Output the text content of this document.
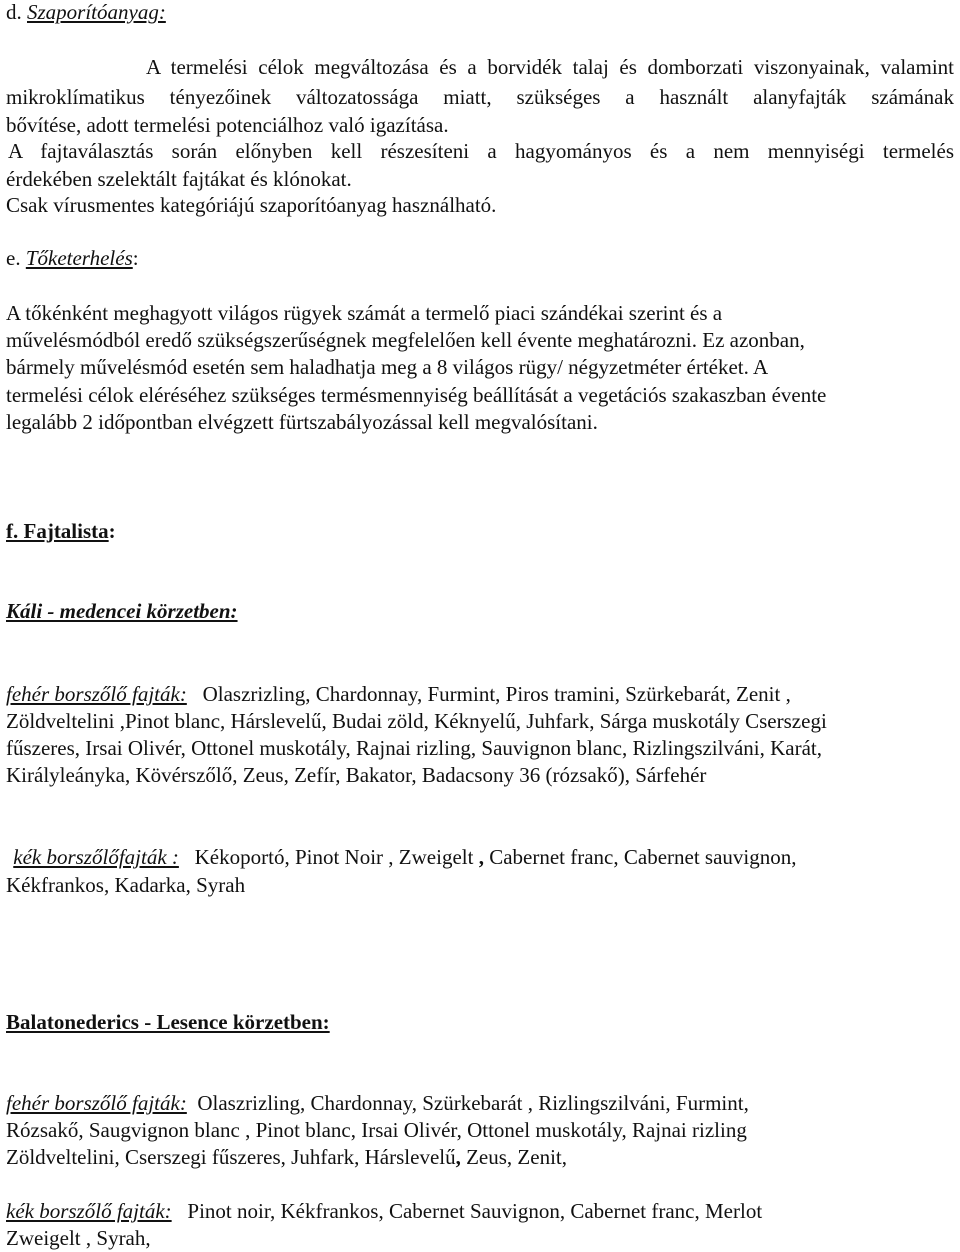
d. Szaporítóanyag:
A termelési célok megváltozása és a borvidék talaj és domborzati viszonyainak, valamint
mikroklímatikus tényezőinek változatossága miatt, szükséges a használt alanyfajták számának
bővítése, adott termelési potenciálhoz való igazítása.
A fajtaválasztás során előnyben kell részesíteni a hagyományos és a nem mennyiségi termelés
érdekében szelektált fajtákat és klónokat.
Csak vírusmentes kategóriájú szaporítóanyag használható.
e. Tőketerhelés:
A tőkénként meghagyott világos rügyek számát a termelő piaci szándékai szerint és a
művelésmódból eredő szükségszerűségnek megfelelően kell évente meghatározni. Ez azonban,
bármely művelésmód esetén sem haladhatja meg a 8 világos rügy/ négyzetméter értéket. A
termelési célok eléréséhez szükséges termésmennyiség beállítását a vegetációs szakaszban évente
legalább 2 időpontban elvégzett fürtszabályozással kell megvalósítani.
f. Fajtalista:
Káli - medencei körzetben:
fehér borszőlő fajták: Olaszrizling, Chardonnay, Furmint, Piros tramini, Szürkebarát, Zenit ,
Zöldveltelini ,Pinot blanc, Hárslevelű, Budai zöld, Kéknyelű, Juhfark, Sárga muskotály Cserszegi
fűszeres, Irsai Olivér, Ottonel muskotály, Rajnai rizling, Sauvignon blanc, Rizlingszilváni, Karát,
Királyleányka, Kövérszőlő, Zeus, Zefír, Bakator, Badacsony 36 (rózsakő), Sárfehér
kék borszőlőfajták : Kékoportó, Pinot Noir , Zweigelt , Cabernet franc, Cabernet sauvignon,
Kékfrankos, Kadarka, Syrah
Balatonederics - Lesence körzetben:
fehér borszőlő fajták: Olaszrizling, Chardonnay, Szürkebarát , Rizlingszilváni, Furmint,
Rózsakő, Saugvignon blanc , Pinot blanc, Irsai Olivér, Ottonel muskotály, Rajnai rizling
Zöldveltelini, Cserszegi fűszeres, Juhfark, Hárslevelű, Zeus, Zenit,
kék borszőlő fajták: Pinot noir, Kékfrankos, Cabernet Sauvignon, Cabernet franc, Merlot
Zweigelt , Syrah,
